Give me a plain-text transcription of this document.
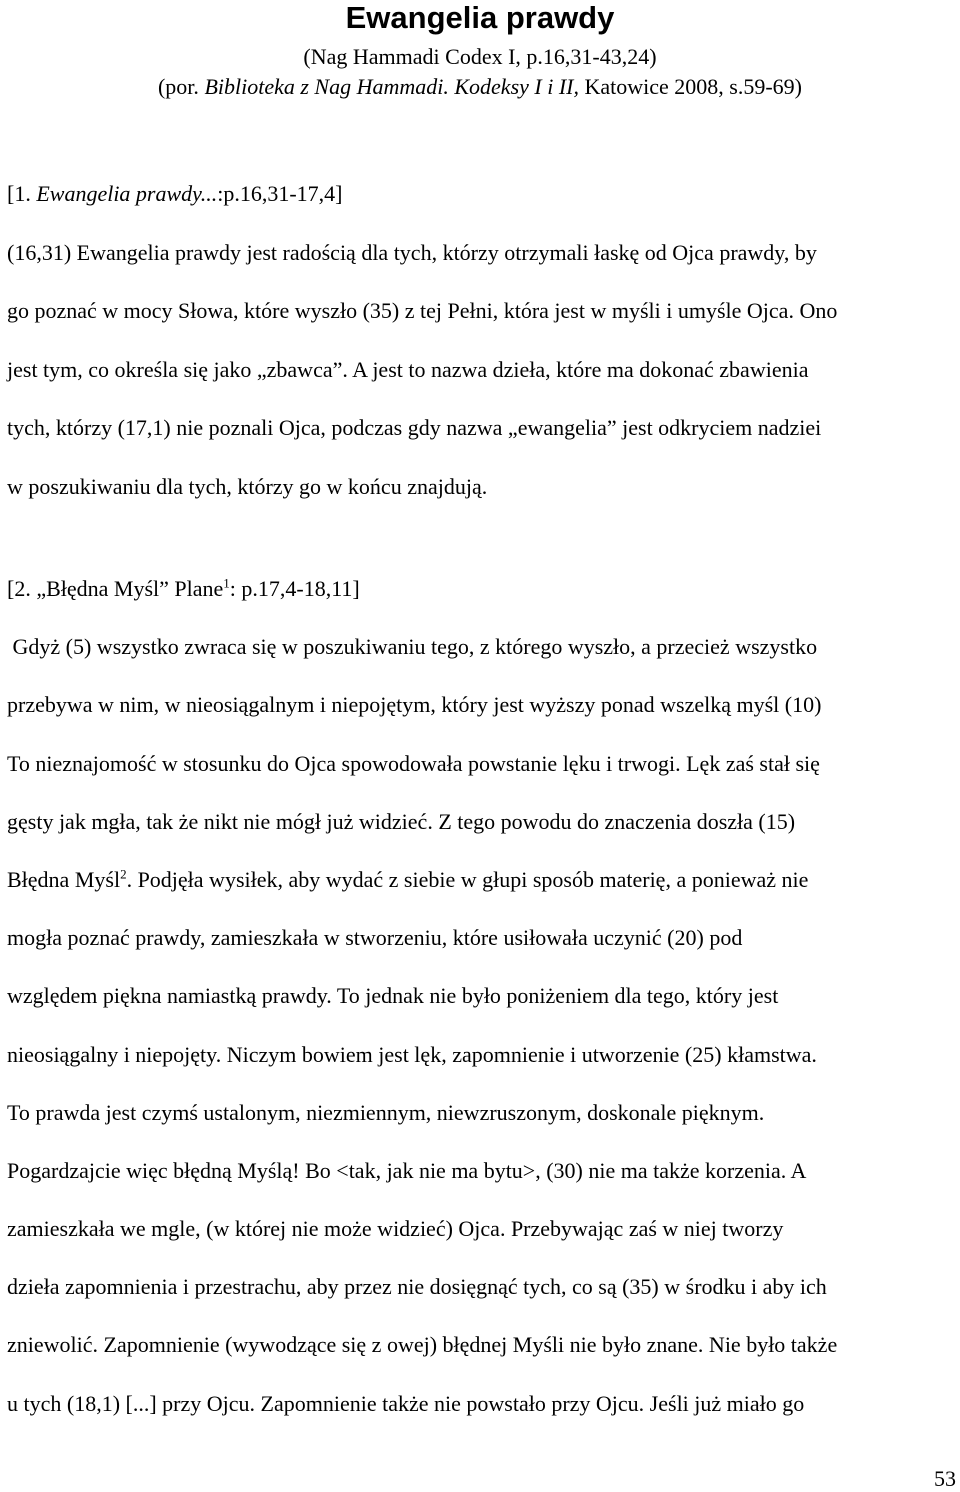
Ewangelia prawdy
(Nag Hammadi Codex I, p.16,31-43,24)
(por. Biblioteka z Nag Hammadi. Kodeksy I i II, Katowice 2008, s.59-69)
[1. Ewangelia prawdy...:p.16,31-17,4]
(16,31) Ewangelia prawdy jest radością dla tych, którzy otrzymali łaskę od Ojca prawdy, by
go poznać w mocy Słowa, które wyszło (35) z tej Pełni, która jest w myśli i umyśle Ojca. Ono
jest tym, co określa się jako „zbawca”. A jest to nazwa dzieła, które ma dokonać zbawienia
tych, którzy (17,1) nie poznali Ojca, podczas gdy nazwa „ewangelia” jest odkryciem nadziei
w poszukiwaniu dla tych, którzy go w końcu znajdują.
[2. „Błędna Myśl” Plane$^1$: p.17,4-18,11]
Gdyż (5) wszystko zwraca się w poszukiwaniu tego, z którego wyszło, a przecież wszystko
przebywa w nim, w nieosiągalnym i niepojętym, który jest wyższy ponad wszelką myśl (10)
To nieznajomość w stosunku do Ojca spowodowała powstanie lęku i trwogi. Lęk zaś stał się
gęsty jak mgła, tak że nikt nie mógł już widzieć. Z tego powodu do znaczenia doszła (15)
Błędna Myśl$^2$. Podjęła wysiłek, aby wydać z siebie w głupi sposób materię, a ponieważ nie
mogła poznać prawdy, zamieszkała w stworzeniu, które usiłowała uczynić (20) pod
względem piękna namiastką prawdy. To jednak nie było poniżeniem dla tego, który jest
nieosiągalny i niepojęty. Niczym bowiem jest lęk, zapomnienie i utworzenie (25) kłamstwa.
To prawda jest czymś ustalonym, niezmiennym, niewzruszonym, doskonale pięknym.
Pogardzajcie więc błędną Myślą! Bo <tak, jak nie ma bytu>, (30) nie ma także korzenia. A
zamieszkała we mgle, (w której nie może widzieć) Ojca. Przebywając zaś w niej tworzy
dzieła zapomnienia i przestrachu, aby przez nie dosięgnąć tych, co są (35) w środku i aby ich
zniewolić. Zapomnienie (wywodzące się z owej) błędnej Myśli nie było znane. Nie było także
u tych (18,1) [...] przy Ojcu. Zapomnienie także nie powstało przy Ojcu. Jeśli już miało go
53
